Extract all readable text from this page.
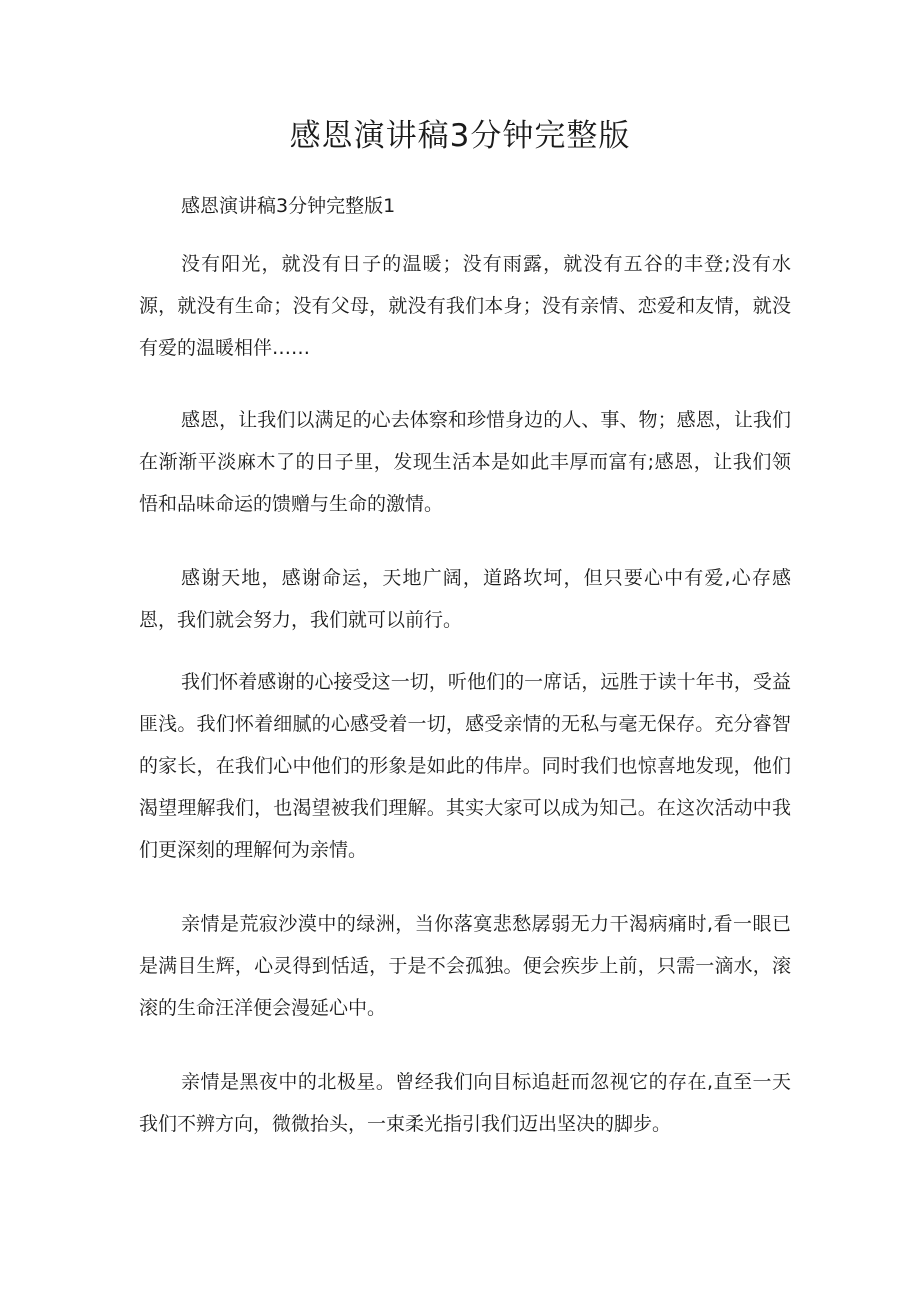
感恩演讲稿3分钟完整版

感恩演讲稿3分钟完整版1

没有阳光，就没有日子的温暖；没有雨露，就没有五谷的丰登;没有水源，就没有生命；没有父母，就没有我们本身；没有亲情、恋爱和友情，就没有爱的温暖相伴……

感恩，让我们以满足的心去体察和珍惜身边的人、事、物；感恩，让我们在渐渐平淡麻木了的日子里，发现生活本是如此丰厚而富有;感恩，让我们领悟和品味命运的馈赠与生命的激情。

感谢天地，感谢命运，天地广阔，道路坎坷，但只要心中有爱,心存感恩，我们就会努力，我们就可以前行。

我们怀着感谢的心接受这一切，听他们的一席话，远胜于读十年书，受益匪浅。我们怀着细腻的心感受着一切，感受亲情的无私与毫无保存。充分睿智的家长，在我们心中他们的形象是如此的伟岸。同时我们也惊喜地发现，他们渴望理解我们，也渴望被我们理解。其实大家可以成为知己。在这次活动中我们更深刻的理解何为亲情。

亲情是荒寂沙漠中的绿洲，当你落寞悲愁孱弱无力干渴病痛时,看一眼已是满目生辉，心灵得到恬适，于是不会孤独。便会疾步上前，只需一滴水，滚滚的生命汪洋便会漫延心中。

亲情是黑夜中的北极星。曾经我们向目标追赶而忽视它的存在,直至一天我们不辨方向，微微抬头，一束柔光指引我们迈出坚决的脚步。
